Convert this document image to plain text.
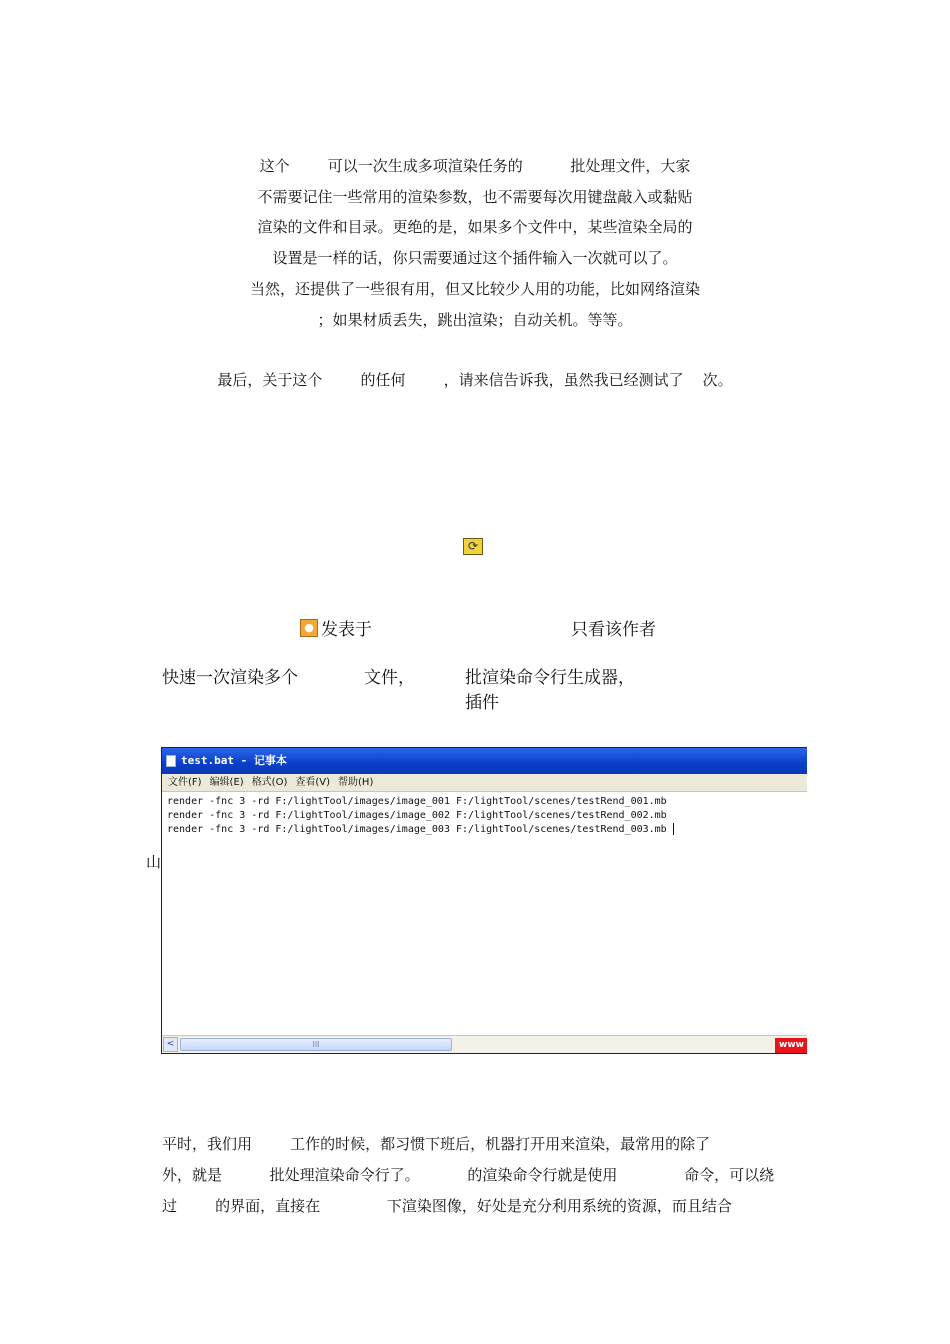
这个        可以一次生成多项渲染任务的          批处理文件，大家
不需要记住一些常用的渲染参数，也不需要每次用键盘敲入或黏贴
渲染的文件和目录。更绝的是，如果多个文件中，某些渲染全局的
设置是一样的话，你只需要通过这个插件输入一次就可以了。
当然，还提供了一些很有用，但又比较少人用的功能，比如网络渲染
；如果材质丢失，跳出渲染；自动关机。等等。
最后，关于这个        的任何        ，请来信告诉我，虽然我已经测试了    次。
⟳
● 发表于	只看该作者
快速一次渲染多个	文件，	批渲染命令行生成器，
插件
山
test.bat - 记事本
文件(F) 编辑(E) 格式(O) 查看(V) 帮助(H)
render -fnc 3 -rd F:/lightTool/images/image_001 F:/lightTool/scenes/testRend_001.mb
render -fnc 3 -rd F:/lightTool/images/image_002 F:/lightTool/scenes/testRend_002.mb
render -fnc 3 -rd F:/lightTool/images/image_003 F:/lightTool/scenes/testRend_003.mb
<	III	www
平时，我们用        工作的时候，都习惯下班后，机器打开用来渲染，最常用的除了
外，就是          批处理渲染命令行了。          的渲染命令行就是使用              命令，可以绕
过        的界面，直接在              下渲染图像，好处是充分利用系统的资源，而且结合
